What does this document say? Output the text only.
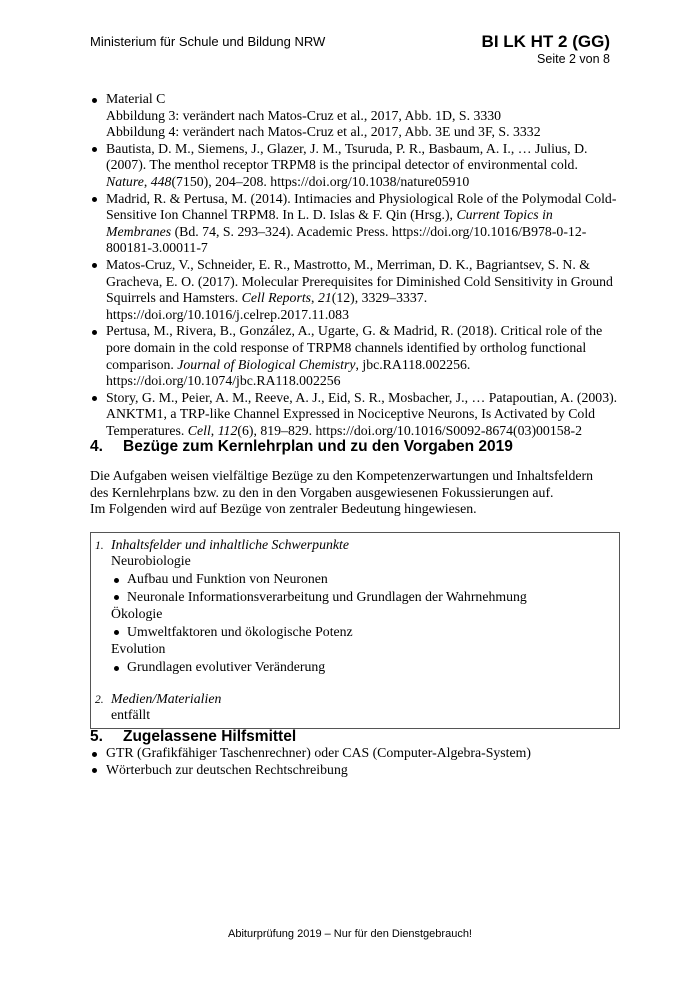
Ministerium für Schule und Bildung NRW	BI LK HT 2 (GG)
Seite 2 von 8
Material C
Abbildung 3: verändert nach Matos-Cruz et al., 2017, Abb. 1D, S. 3330
Abbildung 4: verändert nach Matos-Cruz et al., 2017, Abb. 3E und 3F, S. 3332
Bautista, D. M., Siemens, J., Glazer, J. M., Tsuruda, P. R., Basbaum, A. I., … Julius, D. (2007). The menthol receptor TRPM8 is the principal detector of environmental cold. Nature, 448(7150), 204–208. https://doi.org/10.1038/nature05910
Madrid, R. & Pertusa, M. (2014). Intimacies and Physiological Role of the Polymodal Cold-Sensitive Ion Channel TRPM8. In L. D. Islas & F. Qin (Hrsg.), Current Topics in Membranes (Bd. 74, S. 293–324). Academic Press. https://doi.org/10.1016/B978-0-12-800181-3.00011-7
Matos-Cruz, V., Schneider, E. R., Mastrotto, M., Merriman, D. K., Bagriantsev, S. N. & Gracheva, E. O. (2017). Molecular Prerequisites for Diminished Cold Sensitivity in Ground Squirrels and Hamsters. Cell Reports, 21(12), 3329–3337. https://doi.org/10.1016/j.celrep.2017.11.083
Pertusa, M., Rivera, B., González, A., Ugarte, G. & Madrid, R. (2018). Critical role of the pore domain in the cold response of TRPM8 channels identified by ortholog functional comparison. Journal of Biological Chemistry, jbc.RA118.002256. https://doi.org/10.1074/jbc.RA118.002256
Story, G. M., Peier, A. M., Reeve, A. J., Eid, S. R., Mosbacher, J., … Patapoutian, A. (2003). ANKTM1, a TRP-like Channel Expressed in Nociceptive Neurons, Is Activated by Cold Temperatures. Cell, 112(6), 819–829. https://doi.org/10.1016/S0092-8674(03)00158-2
4.	Bezüge zum Kernlehrplan und zu den Vorgaben 2019
Die Aufgaben weisen vielfältige Bezüge zu den Kompetenzerwartungen und Inhaltsfeldern
des Kernlehrplans bzw. zu den in den Vorgaben ausgewiesenen Fokussierungen auf.
Im Folgenden wird auf Bezüge von zentraler Bedeutung hingewiesen.
1. Inhaltsfelder und inhaltliche Schwerpunkte
Neurobiologie
Aufbau und Funktion von Neuronen
Neuronale Informationsverarbeitung und Grundlagen der Wahrnehmung
Ökologie
Umweltfaktoren und ökologische Potenz
Evolution
Grundlagen evolutiver Veränderung
2. Medien/Materialien
entfällt
5.	Zugelassene Hilfsmittel
GTR (Grafikfähiger Taschenrechner) oder CAS (Computer-Algebra-System)
Wörterbuch zur deutschen Rechtschreibung
Abiturprüfung 2019 – Nur für den Dienstgebrauch!
